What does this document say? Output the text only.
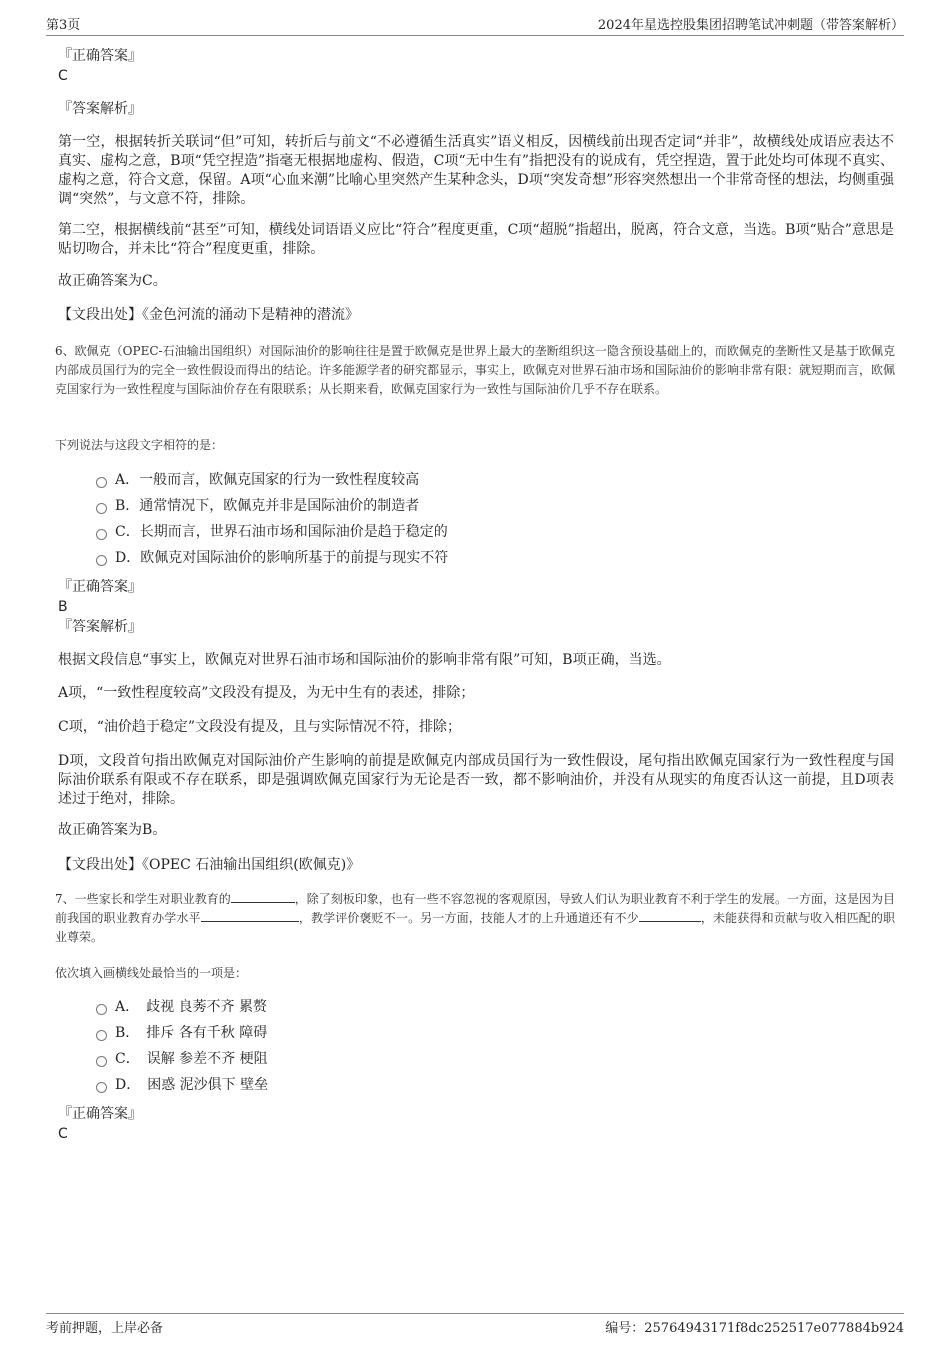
第3页	2024年星选控股集团招聘笔试冲刺题（带答案解析）
『正确答案』
C
『答案解析』

第一空，根据转折关联词“但”可知，转折后与前文“不必遵循生活真实”语义相反，因横线前出现否定词“并非”，故横线处成语应表达不真实、虚构之意，B项“凭空捏造”指毫无根据地虚构、假造，C项“无中生有”指把没有的说成有，凭空捏造，置于此处均可体现不真实、虚构之意，符合文意，保留。A项“心血来潮”比喻心里突然产生某种念头，D项“突发奇想”形容突然想出一个非常奇怪的想法，均侧重强调“突然”，与文意不符，排除。

第二空，根据横线前“甚至”可知，横线处词语语义应比“符合”程度更重，C项“超脱”指超出，脱离，符合文意，当选。B项“贴合”意思是贴切吻合，并未比“符合”程度更重，排除。

故正确答案为C。

【文段出处】《金色河流的涌动下是精神的潜流》

6、欧佩克（OPEC-石油输出国组织）对国际油价的影响往往是置于欧佩克是世界上最大的垄断组织这一隐含预设基础上的，而欧佩克的垄断性又是基于欧佩克内部成员国行为的完全一致性假设而得出的结论。许多能源学者的研究都显示，事实上，欧佩克对世界石油市场和国际油价的影响非常有限：就短期而言，欧佩克国家行为一致性程度与国际油价存在有限联系；从长期来看，欧佩克国家行为一致性与国际油价几乎不存在联系。

下列说法与这段文字相符的是：

A．一般而言，欧佩克国家的行为一致性程度较高
B．通常情况下，欧佩克并非是国际油价的制造者
C．长期而言，世界石油市场和国际油价是趋于稳定的
D．欧佩克对国际油价的影响所基于的前提与现实不符
『正确答案』
B
『答案解析』

根据文段信息“事实上，欧佩克对世界石油市场和国际油价的影响非常有限”可知，B项正确，当选。

A项，“一致性程度较高”文段没有提及，为无中生有的表述，排除；

C项，“油价趋于稳定”文段没有提及，且与实际情况不符，排除；

D项，文段首句指出欧佩克对国际油价产生影响的前提是欧佩克内部成员国行为一致性假设，尾句指出欧佩克国家行为一致性程度与国际油价联系有限或不存在联系，即是强调欧佩克国家行为无论是否一致，都不影响油价，并没有从现实的角度否认这一前提，且D项表述过于绝对，排除。

故正确答案为B。

【文段出处】《OPEC 石油输出国组织(欧佩克)》

7、一些家长和学生对职业教育的	，除了刻板印象，也有一些不容忽视的客观原因，导致人们认为职业教育不利于学生的发展。一方面，这是因为目前我国的职业教育办学水平	，教学评价褒贬不一。另一方面，技能人才的上升通道还有不少	，未能获得和贡献与收入相匹配的职业尊荣。

依次填入画横线处最恰当的一项是：

A．　歧视 良莠不齐 累赘
B．　排斥 各有千秋 障碍
C．　误解 参差不齐 梗阻
D．　困惑 泥沙俱下 壁垒
『正确答案』
C
考前押题，上岸必备	编号：25764943171f8dc252517e077884b924
